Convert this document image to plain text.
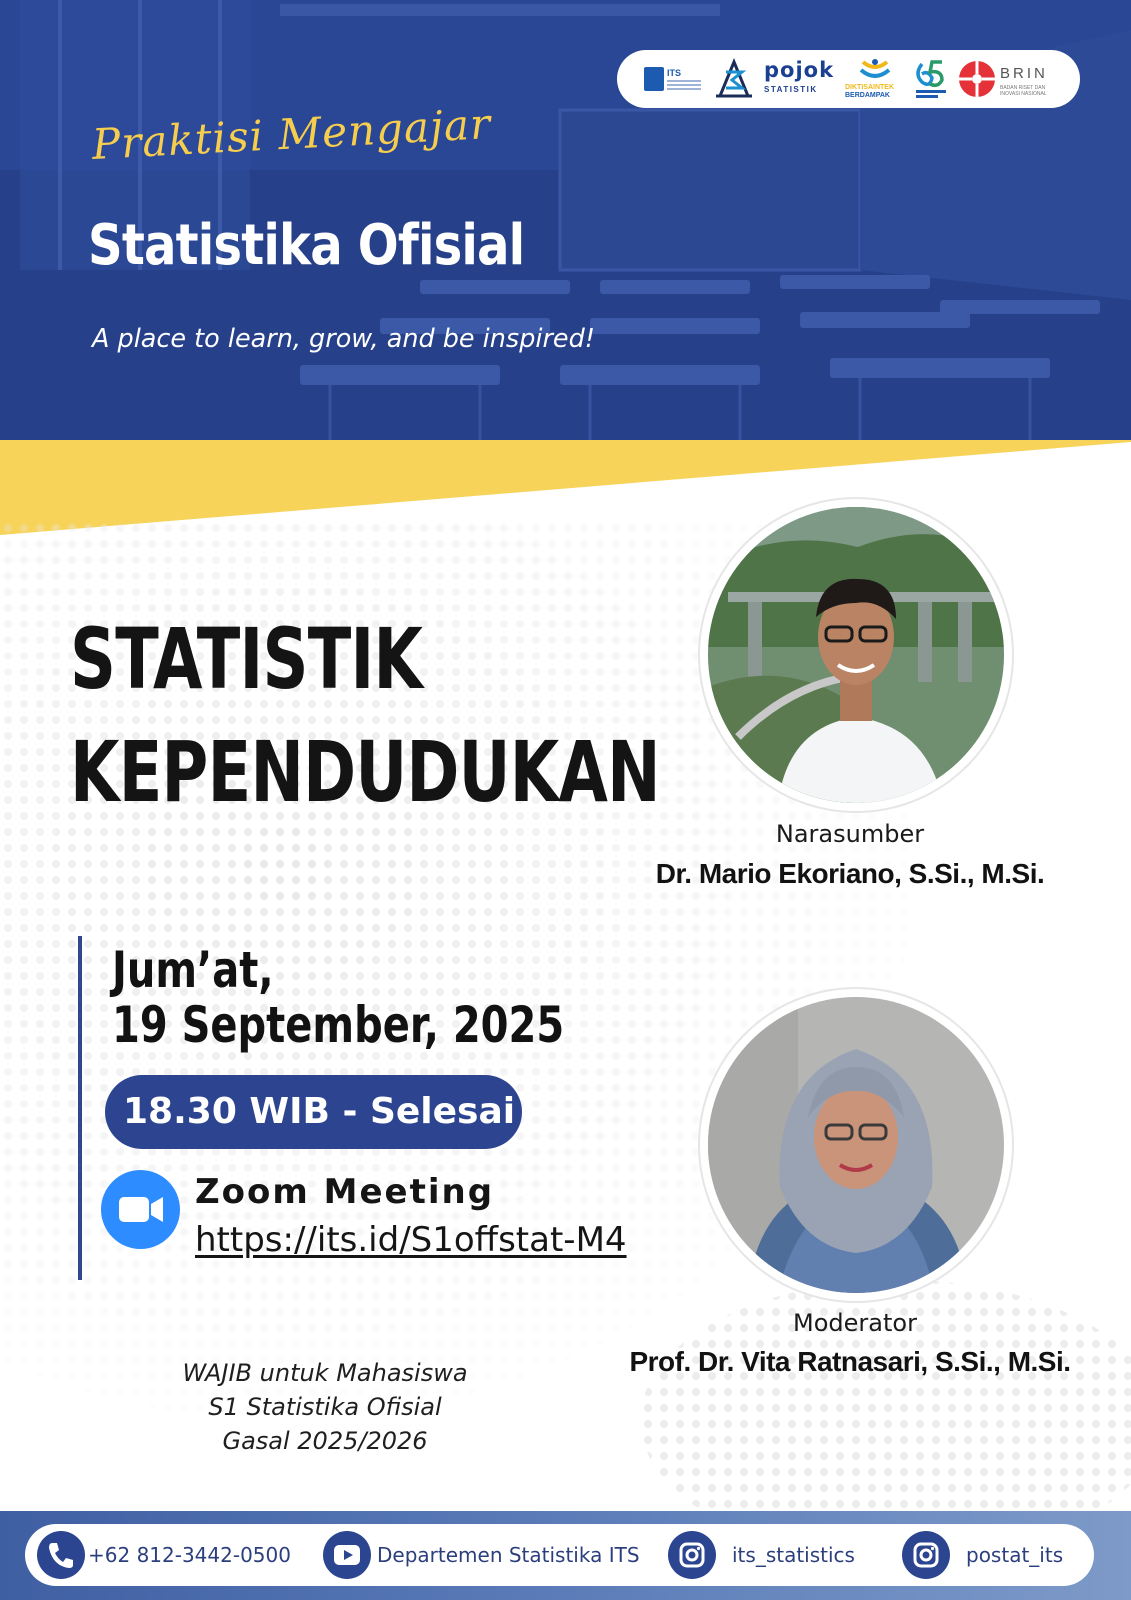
ITS	pojok
STATISTIK	DIKTISAINTEK
BERDAMPAK
BRIN
BADAN RISET DAN INOVASI NASIONAL
Praktisi Mengajar
Statistika Ofisial
A place to learn, grow, and be inspired!
STATISTIK
KEPENDUDUKAN
Narasumber
Dr. Mario Ekoriano, S.Si., M.Si.
Jum’at,
19 September, 2025
18.30 WIB - Selesai
Zoom Meeting
https://its.id/S1offstat-M4
Moderator
Prof. Dr. Vita Ratnasari, S.Si., M.Si.
WAJIB untuk Mahasiswa
S1 Statistika Ofisial
Gasal 2025/2026
+62 812-3442-0500	Departemen Statistika ITS	its_statistics	postat_its
